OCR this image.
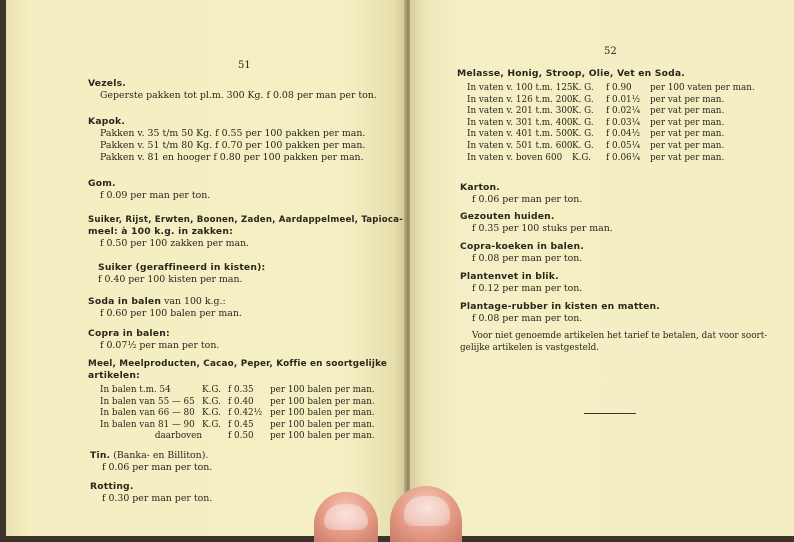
51
Vezels.
Geperste pakken tot pl.m. 300 Kg. f 0.08 per man per ton.
Kapok.
Pakken v. 35 t/m 50 Kg. f 0.55 per 100 pakken per man.
Pakken v. 51 t/m 80 Kg. f 0.70 per 100 pakken per man.
Pakken v. 81 en hooger f 0.80 per 100 pakken per man.
Gom.
f 0.09 per man per ton.
Suiker, Rijst, Erwten, Boonen, Zaden, Aardappelmeel, Tapioca-
meel: à 100 k.g. in zakken:
f 0.50 per 100 zakken per man.
Suiker (geraffineerd in kisten):
f 0.40 per 100 kisten per man.
Soda in balen van 100 k.g.:
f 0.60 per 100 balen per man.
Copra in balen:
f 0.07½ per man per ton.
Meel, Meelproducten, Cacao, Peper, Koffie en soortgelijke
artikelen:
In balen t.m. 54	K.G. f 0.35 per 100 balen per man.
In balen van 55 — 65 K.G. f 0.40 per 100 balen per man.
In balen van 66 — 80 K.G. f 0.42½ per 100 balen per man.
In balen van 81 — 90 K.G. f 0.45 per 100 balen per man.
daarboven	f 0.50 per 100 balen per man.
Tin. (Banka- en Billiton).
f 0.06 per man per ton.
Rotting.
f 0.30 per man per ton.
52
Melasse, Honig, Stroop, Olie, Vet en Soda.
In vaten v. 100 t.m. 125K. G. f 0.90 per 100 vaten per man.
In vaten v. 126 t.m. 200K. G. f 0.01½ per vat per man.
In vaten v. 201 t.m. 300K. G. f 0.02¼ per vat per man.
In vaten v. 301 t.m. 400K. G. f 0.03¼ per vat per man.
In vaten v. 401 t.m. 500K. G. f 0.04½ per vat per man.
In vaten v. 501 t.m. 600K. G. f 0.05¼ per vat per man.
In vaten v. boven 600 K.G. f 0.06¼ per vat per man.
Karton.
f 0.06 per man per ton.
Gezouten huiden.
f 0.35 per 100 stuks per man.
Copra-koeken in balen.
f 0.08 per man per ton.
Plantenvet in blik.
f 0.12 per man per ton.
Plantage-rubber in kisten en matten.
f 0.08 per man per ton.
Voor niet genoemde artikelen het tarief te betalen, dat voor soort-
gelijke artikelen is vastgesteld.
